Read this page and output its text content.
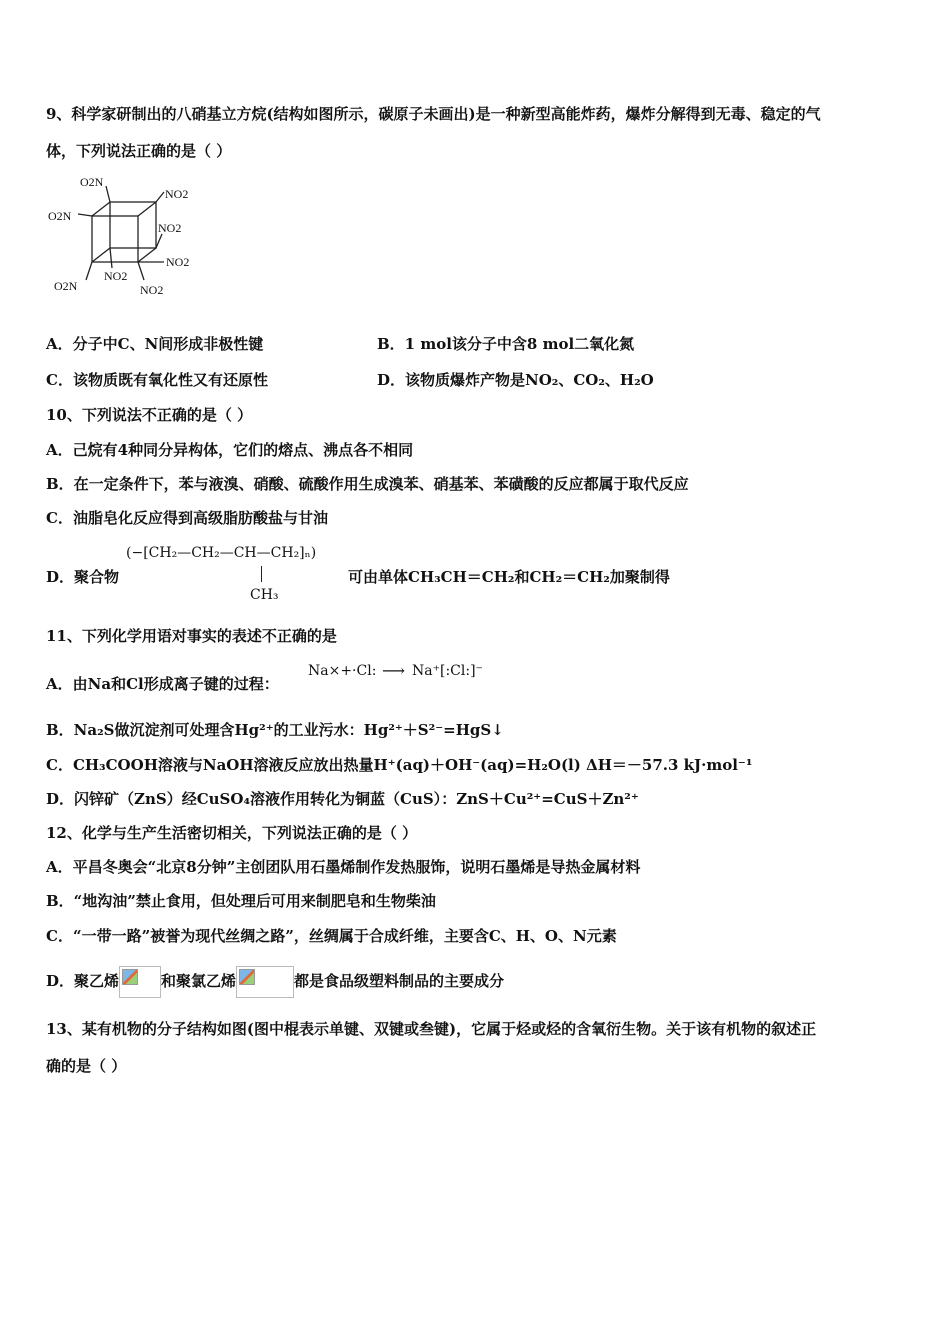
9、科学家研制出的八硝基立方烷(结构如图所示，碳原子未画出)是一种新型高能炸药，爆炸分解得到无毒、稳定的气
体，下列说法正确的是（ ）
O2N
NO2
O2N
NO2
NO2
O2N
NO2
NO2
A．分子中C、N间形成非极性键	B．1 mol该分子中含8 mol二氧化氮
C．该物质既有氧化性又有还原性	D．该物质爆炸产物是NO₂、CO₂、H₂O
10、下列说法不正确的是（ ）
A．己烷有4种同分异构体，它们的熔点、沸点各不相同
B．在一定条件下，苯与液溴、硝酸、硫酸作用生成溴苯、硝基苯、苯磺酸的反应都属于取代反应
C．油脂皂化反应得到高级脂肪酸盐与甘油
D．聚合物
(−[CH₂—CH₂—CH—CH₂]ₙ)
CH₃
可由单体CH₃CH＝CH₂和CH₂＝CH₂加聚制得
11、下列化学用语对事实的表述不正确的是
A．由Na和Cl形成离子键的过程：
Na×+·Cl: ⟶ Na⁺[:Cl:]⁻
B．Na₂S做沉淀剂可处理含Hg²⁺的工业污水：Hg²⁺＋S²⁻=HgS↓
C．CH₃COOH溶液与NaOH溶液反应放出热量H⁺(aq)＋OH⁻(aq)=H₂O(l) ΔH＝－57.3 kJ·mol⁻¹
D．闪锌矿（ZnS）经CuSO₄溶液作用转化为铜蓝（CuS）：ZnS＋Cu²⁺=CuS＋Zn²⁺
12、化学与生产生活密切相关，下列说法正确的是（ ）
A．平昌冬奥会“北京8分钟”主创团队用石墨烯制作发热服饰，说明石墨烯是导热金属材料
B．“地沟油”禁止食用，但处理后可用来制肥皂和生物柴油
C．“一带一路”被誉为现代丝绸之路”，丝绸属于合成纤维，主要含C、H、O、N元素
D．聚乙烯	和聚氯乙烯	都是食品级塑料制品的主要成分
13、某有机物的分子结构如图(图中棍表示单键、双键或叁键)，它属于烃或烃的含氧衍生物。关于该有机物的叙述正
确的是（ ）
